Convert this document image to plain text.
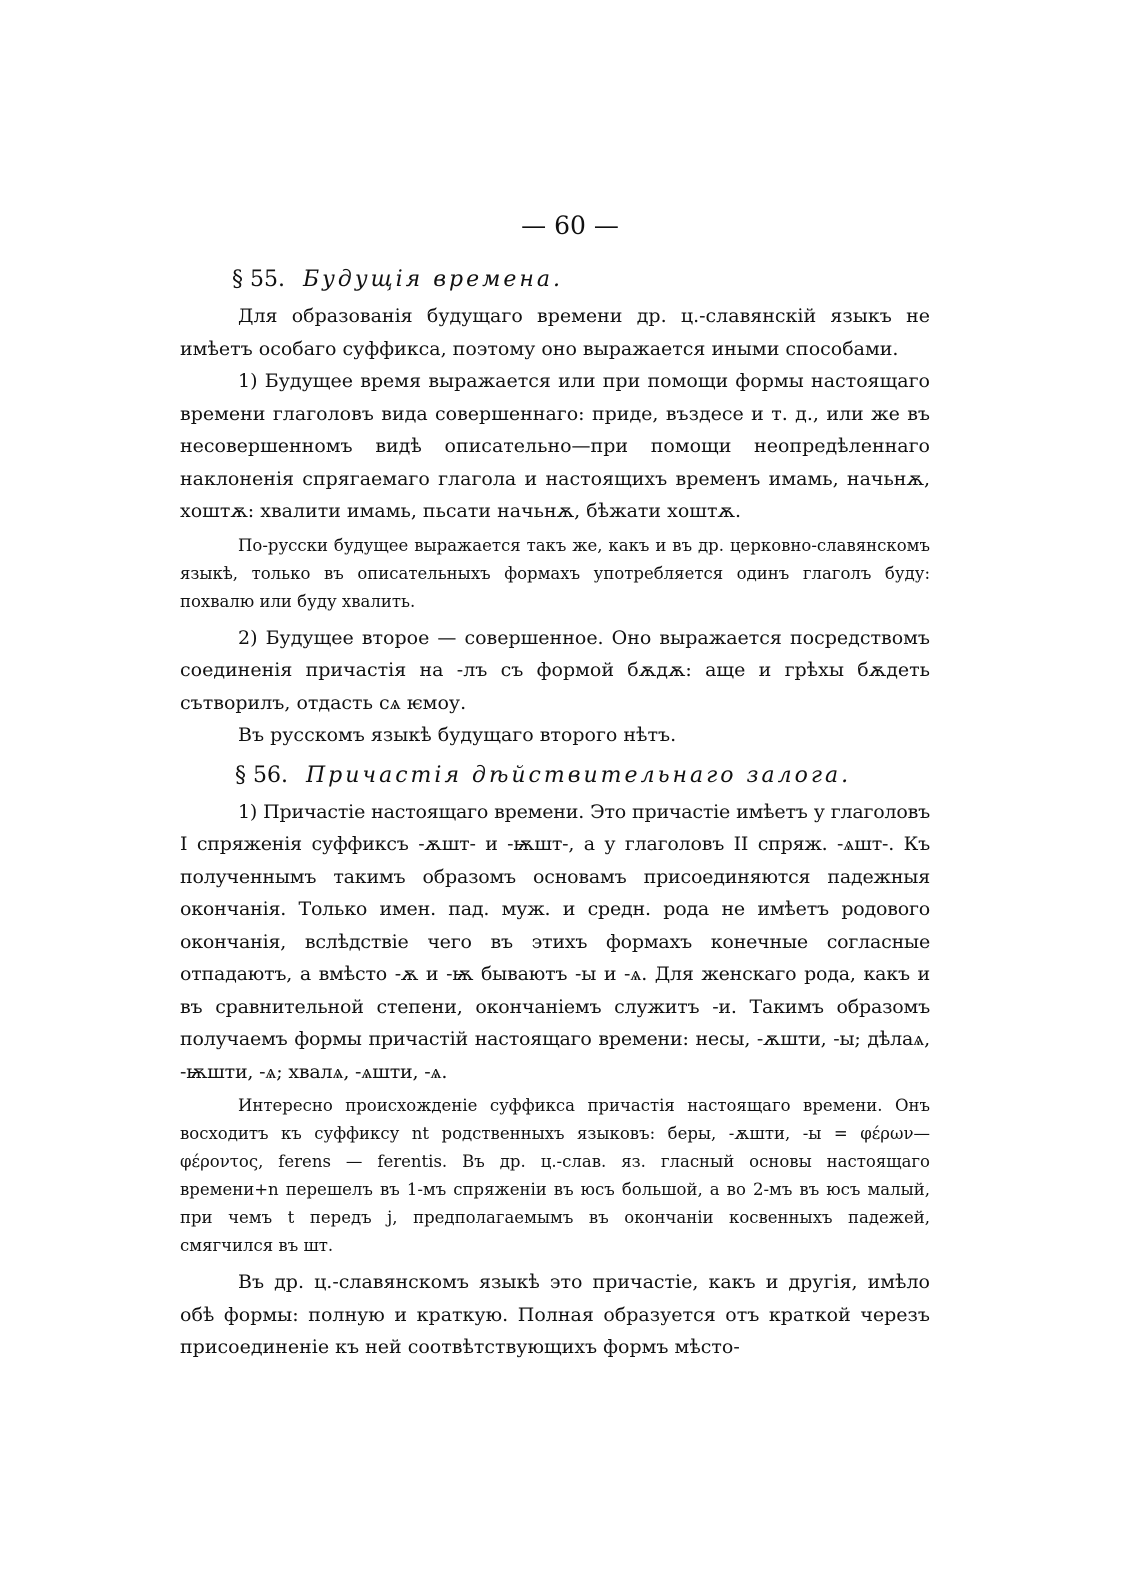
— 60 —
§ 55. Будущія времена.

Для образованія будущаго времени др. ц.-славянскій языкъ не имѣетъ особаго суффикса, поэтому оно выражается иными способами.

1) Будущее время выражается или при помощи формы настоящаго времени глаголовъ вида совершеннаго: приде, въздесе и т. д., или же въ несовершенномъ видѣ описательно—при помощи неопредѣленнаго наклоненія спрягаемаго глагола и настоящихъ временъ имамь, начьнѫ, хоштѫ: хвалити имамь, пьсати начьнѫ, бѣжати хоштѫ.

По-русски будущее выражается такъ же, какъ и въ др. церковно-славянскомъ языкѣ, только въ описательныхъ формахъ употребляется одинъ глаголъ буду: похвалю или буду хвалить.

2) Будущее второе — совершенное. Оно выражается посредствомъ соединенія причастія на -лъ съ формой бѫдѫ: аще и грѣхы бѫдеть сътворилъ, отдасть сѧ ѥмоу.

Въ русскомъ языкѣ будущаго второго нѣтъ.

§ 56. Причастія дѣйствительнаго залога.

1) Причастіе настоящаго времени. Это причастіе имѣетъ у глаголовъ I спряженія суффиксъ -ѫшт- и -ѭшт-, а у глаголовъ II спряж. -ѧшт-. Къ полученнымъ такимъ образомъ основамъ присоединяются падежныя окончанія. Только имен. пад. муж. и средн. рода не имѣетъ родового окончанія, вслѣдствіе чего въ этихъ формахъ конечные согласные отпадаютъ, а вмѣсто -ѫ и -ѭ бываютъ -ы и -ѧ. Для женскаго рода, какъ и въ сравнительной степени, окончаніемъ служитъ -и. Такимъ образомъ получаемъ формы причастій настоящаго времени: несы, -ѫшти, -ы; дѣлаѧ, -ѭшти, -ѧ; хвалѧ, -ѧшти, -ѧ.

Интересно происхожденіе суффикса причастія настоящаго времени. Онъ восходитъ къ суффиксу nt родственныхъ языковъ: беры, -ѫшти, -ы = φέρων—φέροντος, ferens — ferentis. Въ др. ц.-слав. яз. гласный основы настоящаго времени+n перешелъ въ 1-мъ спряженіи въ юсъ большой, а во 2-мъ въ юсъ малый, при чемъ t передъ j, предполагаемымъ въ окончаніи косвенныхъ падежей, смягчился въ шт.

Въ др. ц.-славянскомъ языкѣ это причастіе, какъ и другія, имѣло обѣ формы: полную и краткую. Полная образуется отъ краткой черезъ присоединеніе къ ней соотвѣтствующихъ формъ мѣсто-
